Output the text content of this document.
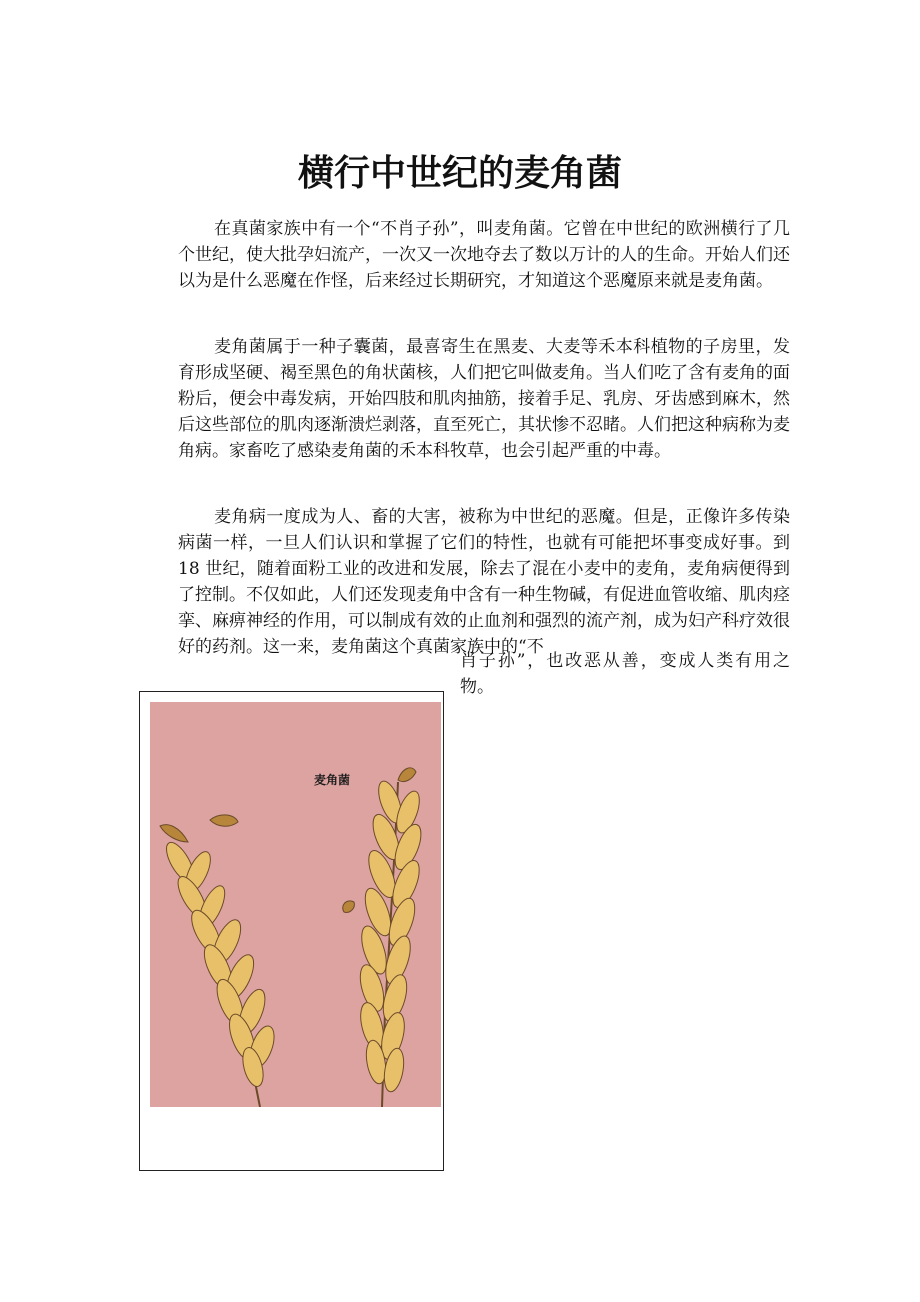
横行中世纪的麦角菌

在真菌家族中有一个“不肖子孙”，叫麦角菌。它曾在中世纪的欧洲横行了几个世纪，使大批孕妇流产，一次又一次地夺去了数以万计的人的生命。开始人们还以为是什么恶魔在作怪，后来经过长期研究，才知道这个恶魔原来就是麦角菌。

麦角菌属于一种子囊菌，最喜寄生在黑麦、大麦等禾本科植物的子房里，发育形成坚硬、褐至黑色的角状菌核，人们把它叫做麦角。当人们吃了含有麦角的面粉后，便会中毒发病，开始四肢和肌肉抽筋，接着手足、乳房、牙齿感到麻木，然后这些部位的肌肉逐渐溃烂剥落，直至死亡，其状惨不忍睹。人们把这种病称为麦角病。家畜吃了感染麦角菌的禾本科牧草，也会引起严重的中毒。

麦角病一度成为人、畜的大害，被称为中世纪的恶魔。但是，正像许多传染病菌一样，一旦人们认识和掌握了它们的特性，也就有可能把坏事变成好事。到 18 世纪，随着面粉工业的改进和发展，除去了混在小麦中的麦角，麦角病便得到了控制。不仅如此，人们还发现麦角中含有一种生物碱，有促进血管收缩、肌肉痉挛、麻痹神经的作用，可以制成有效的止血剂和强烈的流产剂，成为妇产科疗效很好的药剂。这一来，麦角菌这个真菌家族中的“不

肖子孙”，也改恶从善，变成人类有用之物。

麦角菌
